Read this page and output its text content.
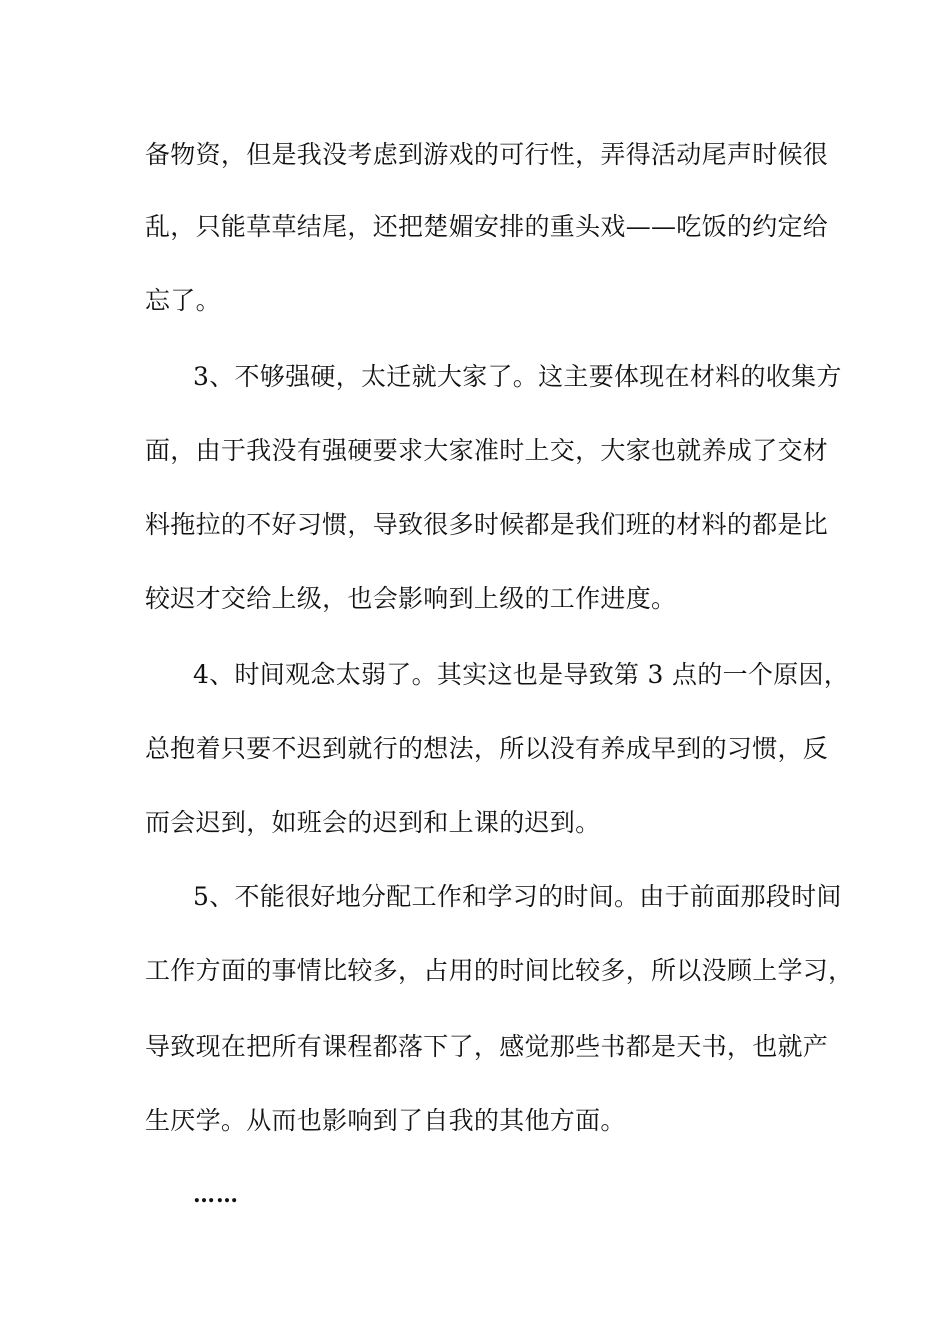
备物资，但是我没考虑到游戏的可行性，弄得活动尾声时候很
乱，只能草草结尾，还把楚媚安排的重头戏——吃饭的约定给
忘了。
3、不够强硬，太迁就大家了。这主要体现在材料的收集方
面，由于我没有强硬要求大家准时上交，大家也就养成了交材
料拖拉的不好习惯，导致很多时候都是我们班的材料的都是比
较迟才交给上级，也会影响到上级的工作进度。
4、时间观念太弱了。其实这也是导致第 3 点的一个原因，
总抱着只要不迟到就行的想法，所以没有养成早到的习惯，反
而会迟到，如班会的迟到和上课的迟到。
5、不能很好地分配工作和学习的时间。由于前面那段时间
工作方面的事情比较多，占用的时间比较多，所以没顾上学习，
导致现在把所有课程都落下了，感觉那些书都是天书，也就产
生厌学。从而也影响到了自我的其他方面。
……
